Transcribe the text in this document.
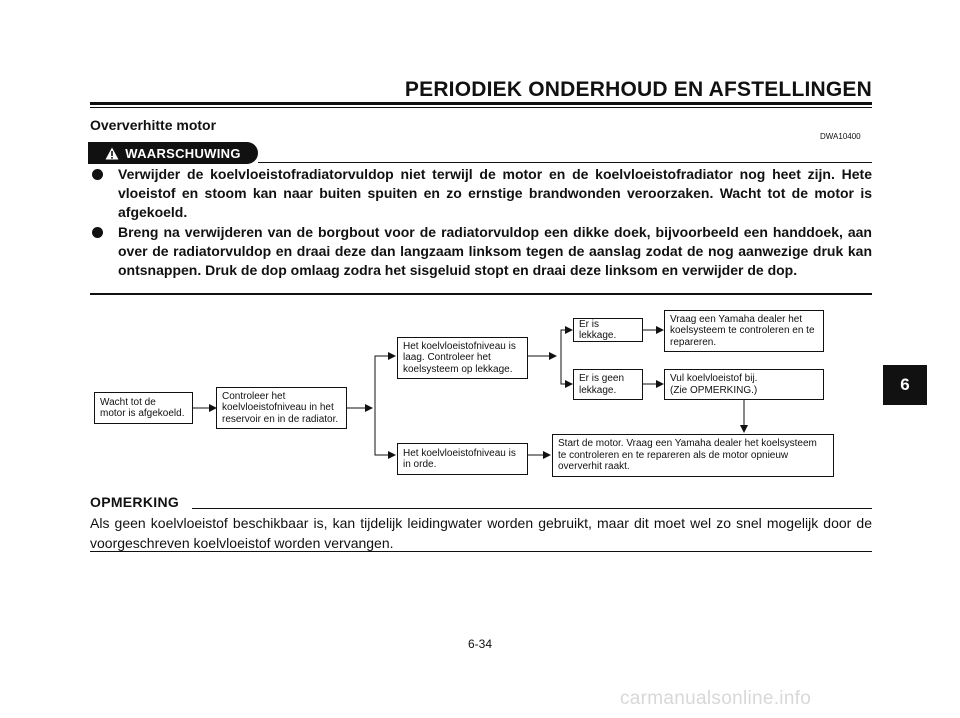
PERIODIEK ONDERHOUD EN AFSTELLINGEN
6
Oververhitte motor
DWA10400
WAARSCHUWING
Verwijder de koelvloeistofradiatorvuldop niet terwijl de motor en de koelvloeistofradiator nog heet zijn. Hete vloeistof en stoom kan naar buiten spuiten en zo ernstige brandwonden veroorzaken. Wacht tot de motor is afgekoeld.
Breng na verwijderen van de borgbout voor de radiatorvuldop een dikke doek, bijvoorbeeld een handdoek, aan over de radiatorvuldop en draai deze dan langzaam linksom tegen de aanslag zodat de nog aanwezige druk kan ontsnappen. Druk de dop omlaag zodra het sisgeluid stopt en draai deze linksom en verwijder de dop.
Wacht tot de
motor is afgekoeld.
Controleer het
koelvloeistofniveau in het
reservoir en in de radiator.
Het koelvloeistofniveau is
laag. Controleer het
koelsysteem op lekkage.
Het koelvloeistofniveau is
in orde.
Er is lekkage.
Er is geen
lekkage.
Vraag een Yamaha dealer het
koelsysteem te controleren en te
repareren.
Vul koelvloeistof bij.
(Zie OPMERKING.)
Start de motor. Vraag een Yamaha dealer het koelsysteem
te controleren en te repareren als de motor opnieuw
oververhit raakt.
OPMERKING
Als geen koelvloeistof beschikbaar is, kan tijdelijk leidingwater worden gebruikt, maar dit moet wel zo snel mogelijk door de voorgeschreven koelvloeistof worden vervangen.
6-34
carmanualsonline.info
